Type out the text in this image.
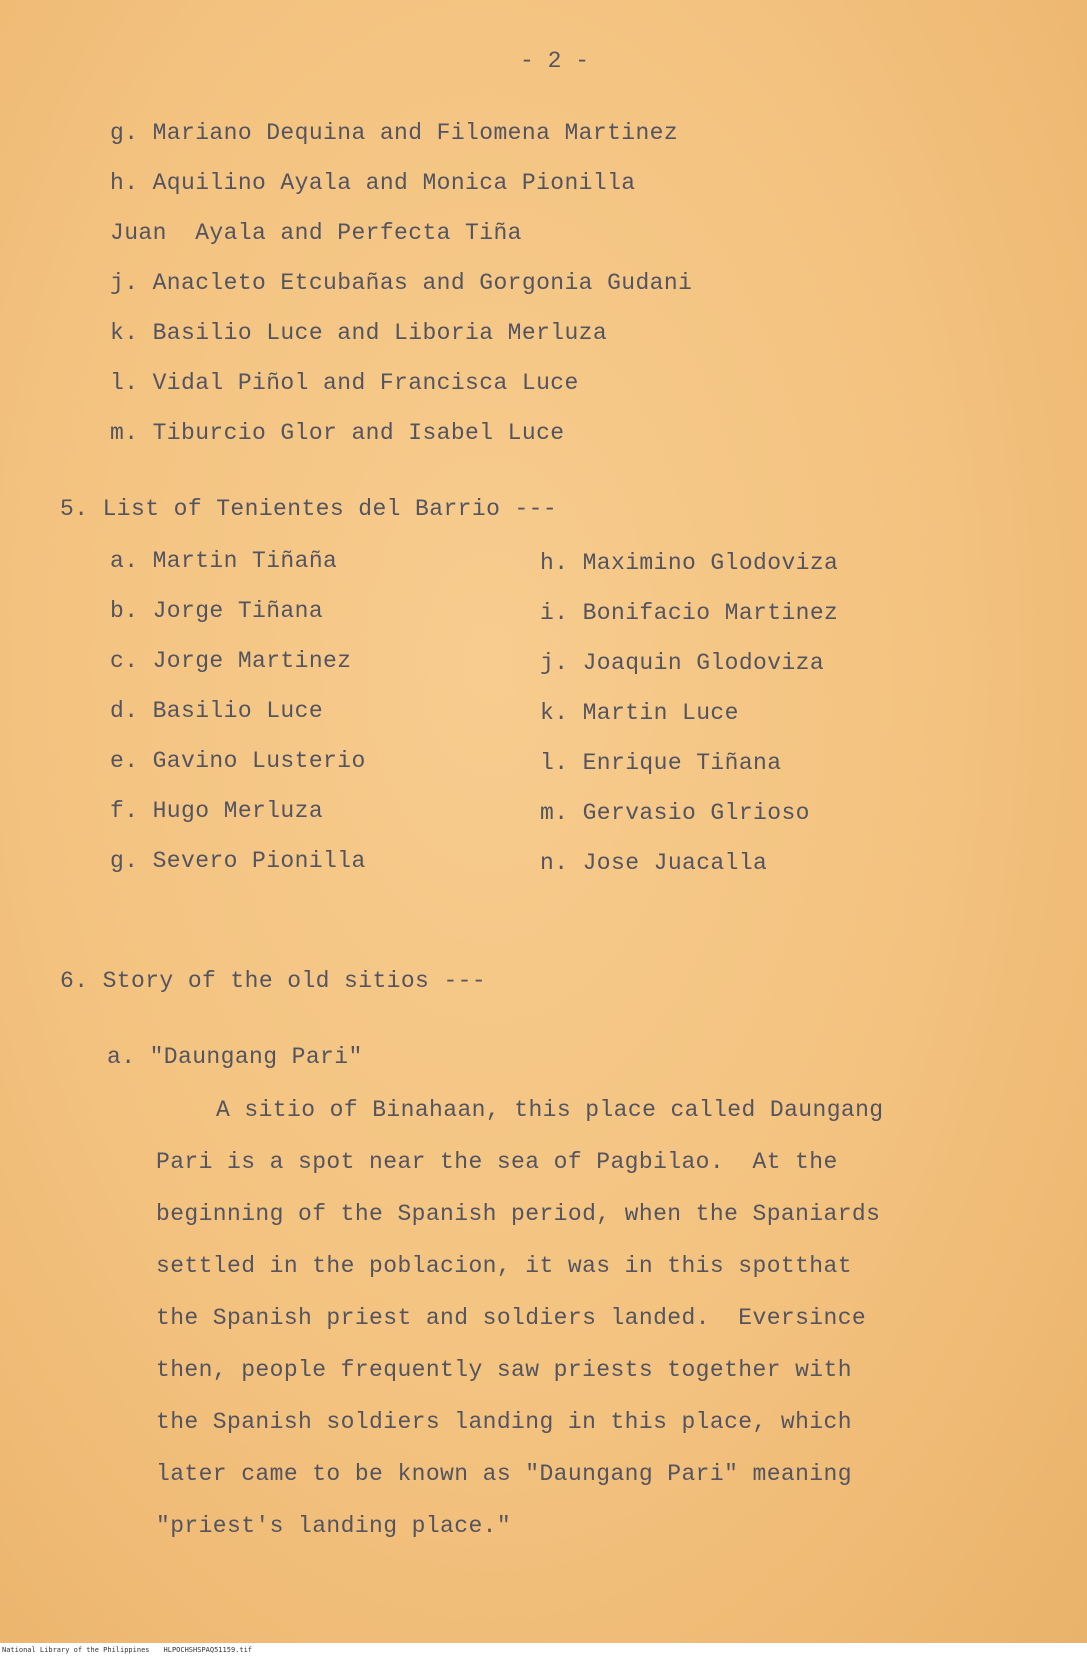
- 2 -
g. Mariano Dequina and Filomena Martinez
h. Aquilino Ayala and Monica Pionilla
Juan  Ayala and Perfecta Tiña
j. Anacleto Etcubañas and Gorgonia Gudani
k. Basilio Luce and Liboria Merluza
l. Vidal Piñol and Francisca Luce
m. Tiburcio Glor and Isabel Luce
5. List of Tenientes del Barrio ---
a. Martin Tiñaña
b. Jorge Tiñana
c. Jorge Martinez
d. Basilio Luce
e. Gavino Lusterio
f. Hugo Merluza
g. Severo Pionilla
h. Maximino Glodoviza
i. Bonifacio Martinez
j. Joaquin Glodoviza
k. Martin Luce
l. Enrique Tiñana
m. Gervasio Glrioso
n. Jose Juacalla
6. Story of the old sitios ---
a. "Daungang Pari"
A sitio of Binahaan, this place called Daungang
Pari is a spot near the sea of Pagbilao.  At the
beginning of the Spanish period, when the Spaniards
settled in the poblacion, it was in this spotthat
the Spanish priest and soldiers landed.  Eversince
then, people frequently saw priests together with
the Spanish soldiers landing in this place, which
later came to be known as "Daungang Pari" meaning
"priest's landing place."
National Library of the Philippines HLPOCHSHSPAQ51159.tif
